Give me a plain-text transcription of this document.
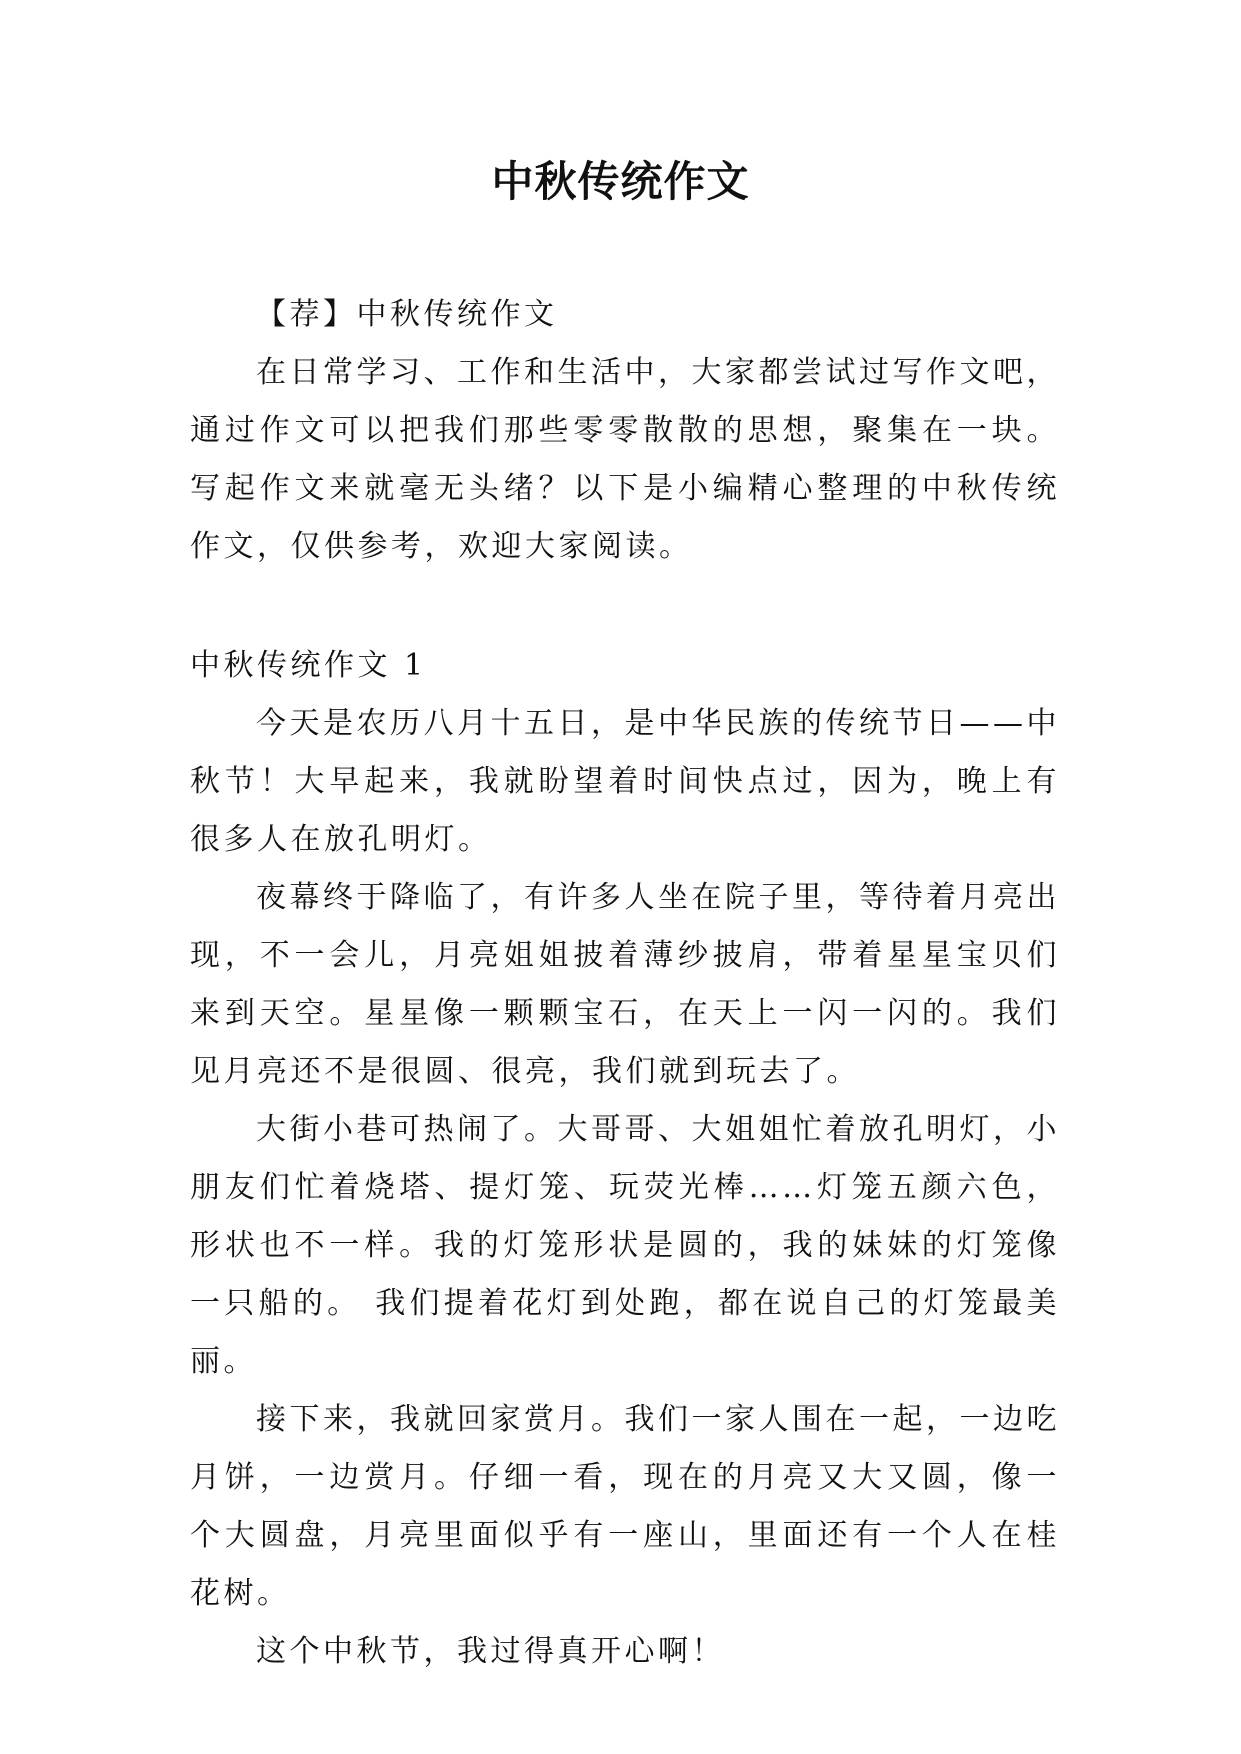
中秋传统作文

【荐】中秋传统作文

在日常学习、工作和生活中，大家都尝试过写作文吧，通过作文可以把我们那些零零散散的思想，聚集在一块。写起作文来就毫无头绪？以下是小编精心整理的中秋传统作文，仅供参考，欢迎大家阅读。

中秋传统作文 1

今天是农历八月十五日，是中华民族的传统节日——中秋节！大早起来，我就盼望着时间快点过，因为，晚上有很多人在放孔明灯。

夜幕终于降临了，有许多人坐在院子里，等待着月亮出现，不一会儿，月亮姐姐披着薄纱披肩，带着星星宝贝们来到天空。星星像一颗颗宝石，在天上一闪一闪的。我们见月亮还不是很圆、很亮，我们就到玩去了。

大街小巷可热闹了。大哥哥、大姐姐忙着放孔明灯，小朋友们忙着烧塔、提灯笼、玩荧光棒……灯笼五颜六色，形状也不一样。我的灯笼形状是圆的，我的妹妹的灯笼像一只船的。 我们提着花灯到处跑，都在说自己的灯笼最美丽。

接下来，我就回家赏月。我们一家人围在一起，一边吃月饼，一边赏月。仔细一看，现在的月亮又大又圆，像一个大圆盘，月亮里面似乎有一座山，里面还有一个人在桂花树。

这个中秋节，我过得真开心啊！
